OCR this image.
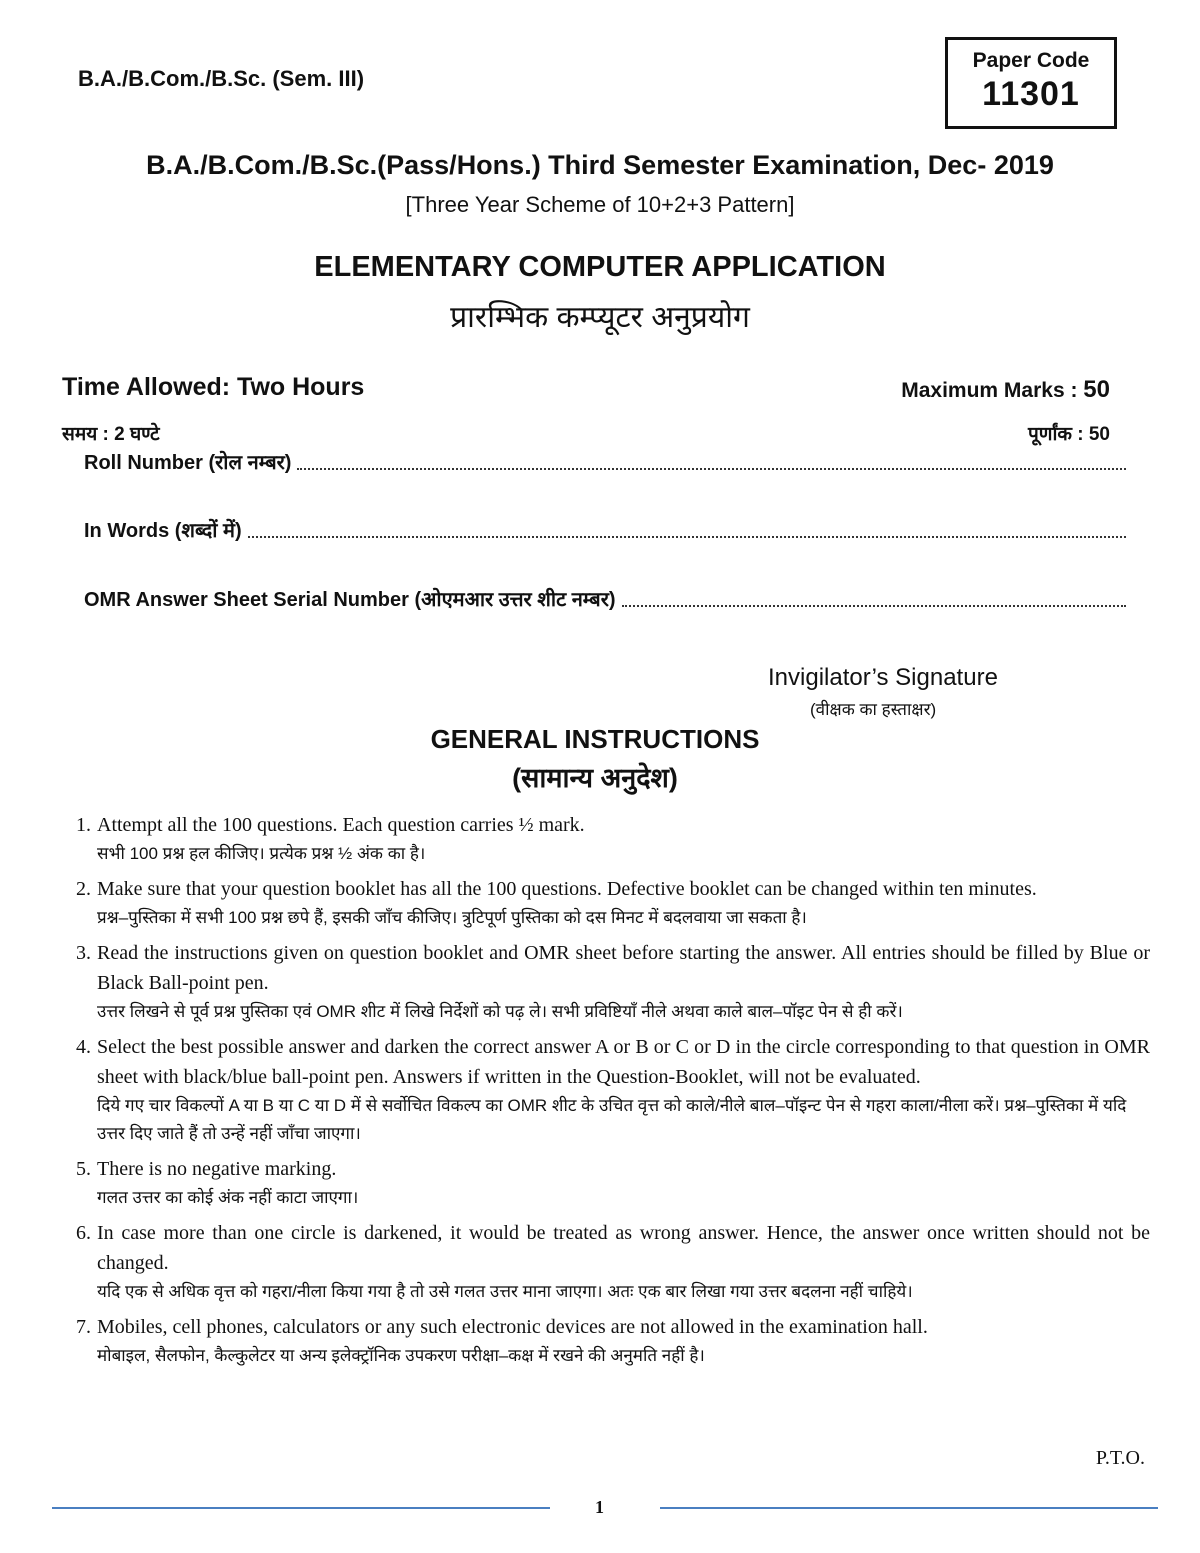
B.A./B.Com./B.Sc. (Sem. III)
Paper Code
11301
B.A./B.Com./B.Sc.(Pass/Hons.) Third Semester Examination, Dec- 2019
[Three Year Scheme of 10+2+3 Pattern]
ELEMENTARY COMPUTER APPLICATION
प्रारम्भिक कम्प्यूटर अनुप्रयोग
Time Allowed: Two Hours	Maximum Marks : 50
समय : 2 घण्टे	पूर्णांक : 50
Roll Number (रोल नम्बर)
In Words (शब्दों में)
OMR Answer Sheet Serial Number (ओएमआर उत्तर शीट नम्बर)
Invigilator’s Signature
(वीक्षक का हस्ताक्षर)
GENERAL INSTRUCTIONS
(सामान्य अनुदेश)
1. Attempt all the 100 questions. Each question carries ½ mark.
सभी 100 प्रश्न हल कीजिए। प्रत्येक प्रश्न ½ अंक का है।
2. Make sure that your question booklet has all the 100 questions. Defective booklet can be changed within ten minutes.
प्रश्न–पुस्तिका में सभी 100 प्रश्न छपे हैं, इसकी जाँच कीजिए। त्रुटिपूर्ण पुस्तिका को दस मिनट में बदलवाया जा सकता है।
3. Read the instructions given on question booklet and OMR sheet before starting the answer. All entries should be filled by Blue or Black Ball-point pen.
उत्तर लिखने से पूर्व प्रश्न पुस्तिका एवं OMR शीट में लिखे निर्देशों को पढ़ ले। सभी प्रविष्टियाँ नीले अथवा काले बाल–पॉइट पेन से ही करें।
4. Select the best possible answer and darken the correct answer A or B or C or D in the circle corresponding to that question in OMR sheet with black/blue ball-point pen. Answers if written in the Question-Booklet, will not be evaluated.
दिये गए चार विकल्पों A या B या C या D में से सर्वोचित विकल्प का OMR शीट के उचित वृत्त को काले/नीले बाल–पॉइन्ट पेन से गहरा काला/नीला करें। प्रश्न–पुस्तिका में यदि उत्तर दिए जाते हैं तो उन्हें नहीं जाँचा जाएगा।
5. There is no negative marking.
गलत उत्तर का कोई अंक नहीं काटा जाएगा।
6. In case more than one circle is darkened, it would be treated as wrong answer. Hence, the answer once written should not be changed.
यदि एक से अधिक वृत्त को गहरा/नीला किया गया है तो उसे गलत उत्तर माना जाएगा। अतः एक बार लिखा गया उत्तर बदलना नहीं चाहिये।
7. Mobiles, cell phones, calculators or any such electronic devices are not allowed in the examination hall.
मोबाइल, सैलफोन, कैल्कुलेटर या अन्य इलेक्ट्रॉनिक उपकरण परीक्षा–कक्ष में रखने की अनुमति नहीं है।
P.T.O.
1
